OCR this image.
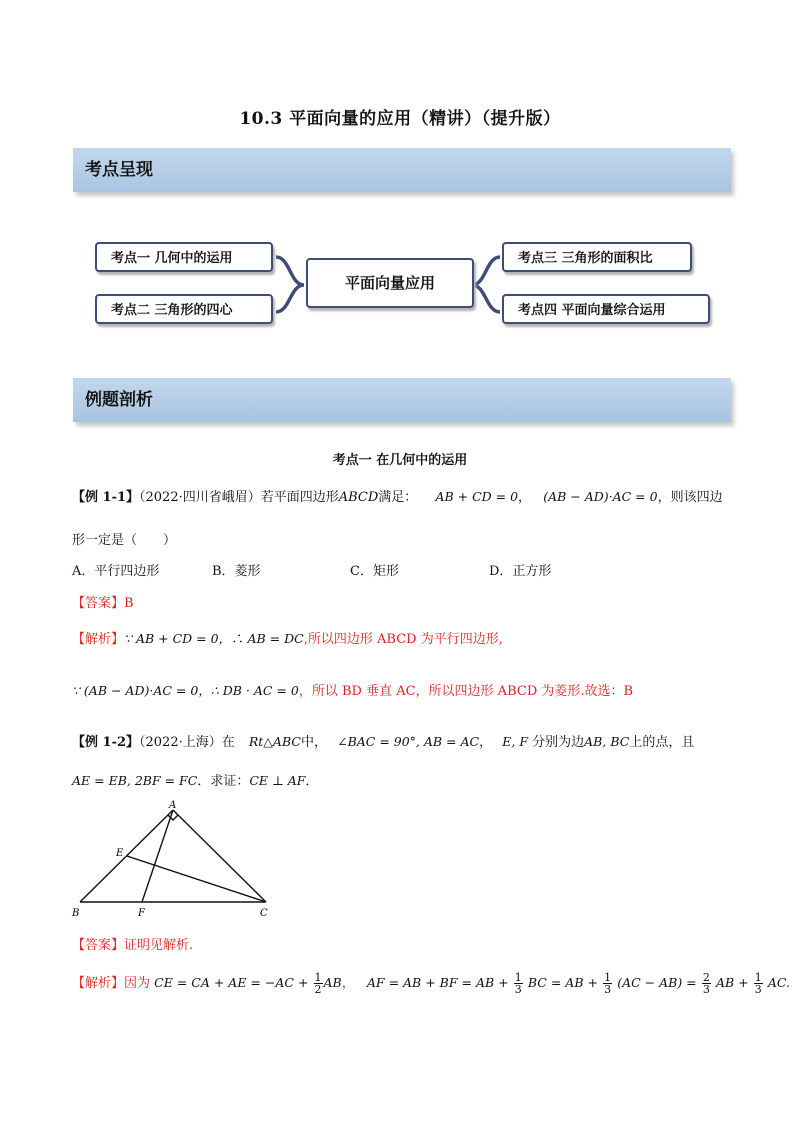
10.3 平面向量的应用（精讲）（提升版）
考点呈现
考点一 几何中的运用
考点二 三角形的四心
平面向量应用
考点三 三角形的面积比
考点四 平面向量综合运用
例题剖析
考点一 在几何中的运用
【例 1-1】（2022·四川省峨眉）若平面四边形ABCD满足： AB + CD = 0， (AB − AD)·AC = 0，则该四边
形一定是（　　）
A．平行四边形	B．菱形	C．矩形	D．正方形
【答案】B
【解析】∵ AB + CD = 0，∴ AB = DC,所以四边形 ABCD 为平行四边形,
∵ (AB − AD)·AC = 0，∴ DB · AC = 0，所以 BD 垂直 AC，所以四边形 ABCD 为菱形.故选：B
【例 1-2】（2022·上海）在 Rt△ABC中， ∠BAC = 90°, AB = AC， E, F 分别为边AB, BC上的点，且
AE = EB, 2BF = FC．求证：CE ⊥ AF．
A
B	C
E
F
【答案】证明见解析.
【解析】因为 CE = CA + AE = $-AC + \frac{1}{2}$ AB， AF = AB + BF = AB + $\frac{1}{3}$ BC = AB + $\frac{1}{3} (AC - AB) = \frac{2}{3}$ AB + $\frac{1}{3}$ AC.
